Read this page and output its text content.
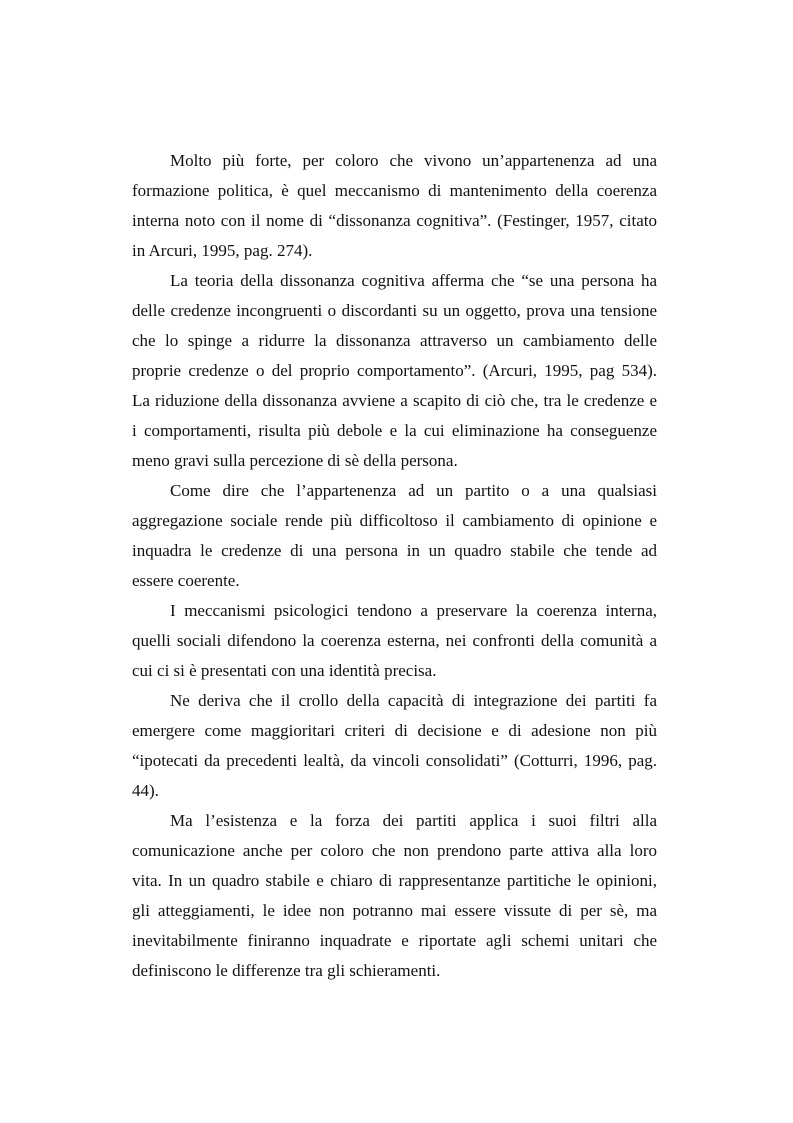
Molto più forte, per coloro che vivono un’appartenenza ad una
formazione politica, è quel meccanismo di mantenimento della coerenza
interna noto con il nome di “dissonanza cognitiva”. (Festinger, 1957, citato
in Arcuri, 1995, pag. 274).
La teoria della dissonanza cognitiva afferma che “se una persona ha
delle credenze incongruenti o discordanti su un oggetto, prova una tensione
che lo spinge a ridurre la dissonanza attraverso un cambiamento delle
proprie credenze o del proprio comportamento”. (Arcuri, 1995, pag 534).
La riduzione della dissonanza avviene a scapito di ciò che, tra le credenze e
i comportamenti, risulta più debole e la cui eliminazione ha conseguenze
meno gravi sulla percezione di sè della persona.
Come dire che l’appartenenza ad un partito o a una qualsiasi
aggregazione sociale rende più difficoltoso il cambiamento di opinione e
inquadra le credenze di una persona in un quadro stabile che tende ad
essere coerente.
I meccanismi psicologici tendono a preservare la coerenza interna,
quelli sociali difendono la coerenza esterna, nei confronti della comunità a
cui ci si è presentati con una identità precisa.
Ne deriva che il crollo della capacità di integrazione dei partiti fa
emergere come maggioritari criteri di decisione e di adesione non più
“ipotecati da precedenti lealtà, da vincoli consolidati” (Cotturri, 1996, pag.
44).
Ma l’esistenza e la forza dei partiti applica i suoi filtri alla
comunicazione anche per coloro che non prendono parte attiva alla loro
vita. In un quadro stabile e chiaro di rappresentanze partitiche le opinioni,
gli atteggiamenti, le idee non potranno mai essere vissute di per sè, ma
inevitabilmente finiranno inquadrate e riportate agli schemi unitari che
definiscono le differenze tra gli schieramenti.
